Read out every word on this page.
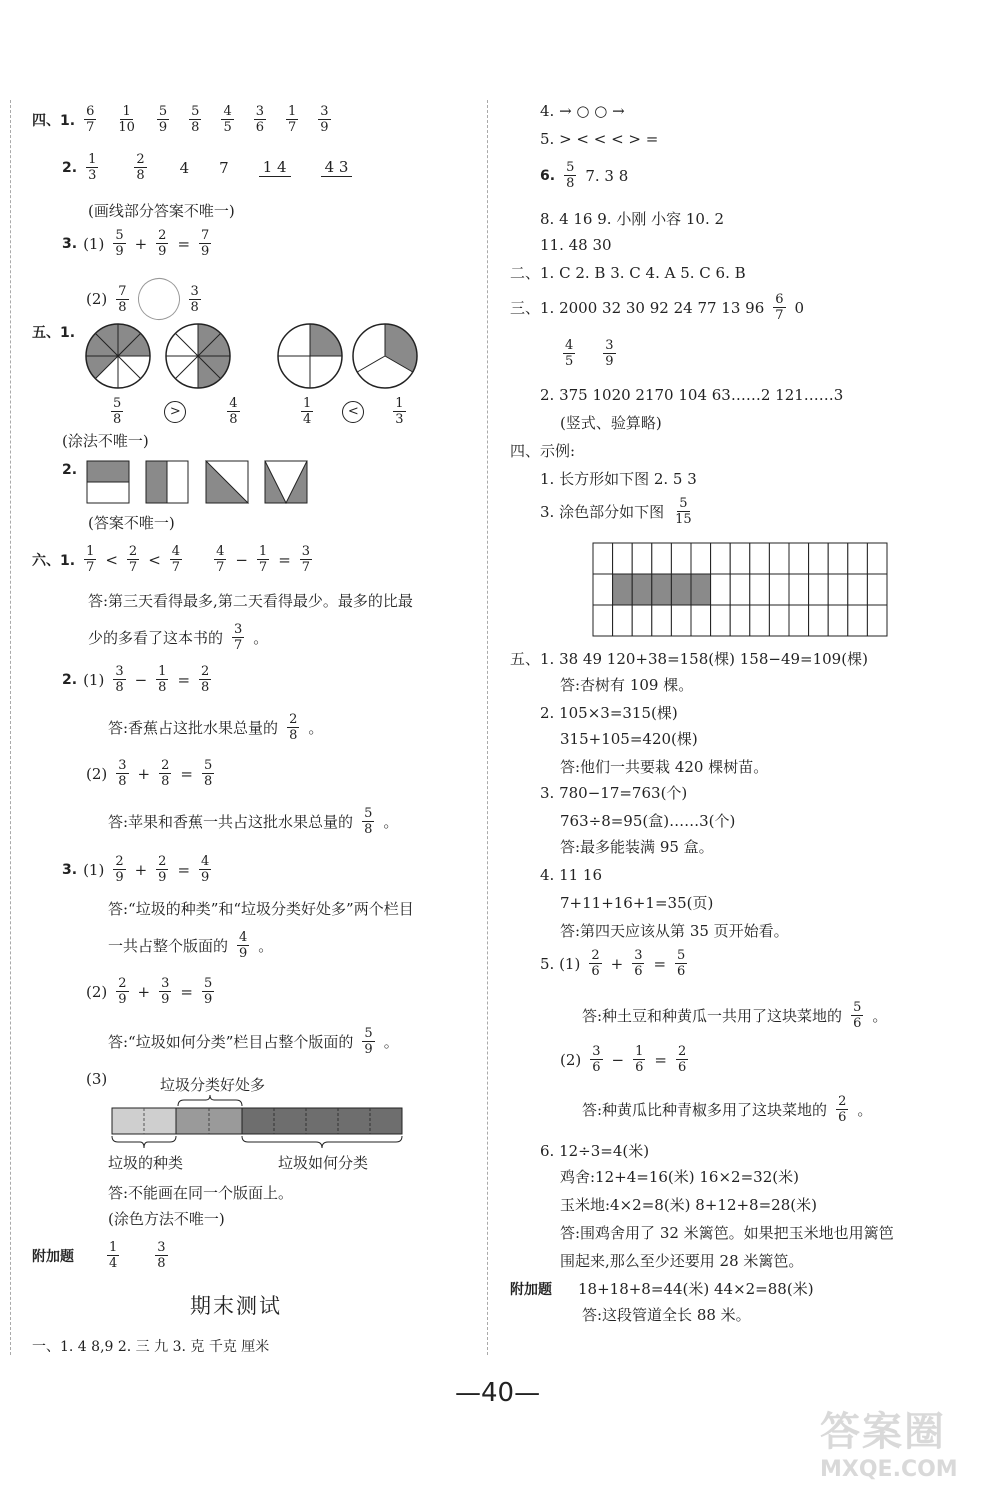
四、1. $\frac{6}{7} \frac{1}{10} \frac{5}{9} \frac{5}{8} \frac{4}{5} \frac{3}{6} \frac{1}{7} \frac{3}{9}$
2. $\frac{1}{3}$	$\frac{2}{8} 4$ 7 1 4	4 3
(画线部分答案不唯一)
3. $(1) \frac{5}{9} + \frac{2}{9} = \frac{7}{9}$
$(2) \frac{7}{8}$	$\frac{3}{8}$
五、1.
$\frac{5}{8}$	>	$\frac{4}{8}$	$\frac{1}{4}$	<	$\frac{1}{3}$
(涂法不唯一)
2.
(答案不唯一)
六、1. $\frac{1}{7} < \frac{2}{7} < \frac{4}{7} \frac{4}{7} - \frac{1}{7} = \frac{3}{7}$
答:第三天看得最多,第二天看得最少。最多的比最
少的多看了这本书的 $\frac{3}{7}$ 。
2. $(1) \frac{3}{8} - \frac{1}{8} = \frac{2}{8}$
答:香蕉占这批水果总量的 $\frac{2}{8}$ 。
$(2) \frac{3}{8} + \frac{2}{8} = \frac{5}{8}$
答:苹果和香蕉一共占这批水果总量的 $\frac{5}{8}$ 。
3. $(1) \frac{2}{9} + \frac{2}{9} = \frac{4}{9}$
答:“垃圾的种类”和“垃圾分类好处多”两个栏目
一共占整个版面的 $\frac{4}{9}$ 。
$(2) \frac{2}{9} + \frac{3}{9} = \frac{5}{9}$
答:“垃圾如何分类”栏目占整个版面的 $\frac{5}{9}$ 。
(3)	垃圾分类好处多
垃圾的种类	垃圾如何分类
答:不能画在同一个版面上。
(涂色方法不唯一)
附加题	$\frac{1}{4}$	$\frac{3}{8}$
期末测试
一、1. 4 8,9 2. 三 九 3. 克 千克 厘米
4. → ○ ○ →
5. > < < < > =
6. $\frac{5}{8} 7$. 3 8
8. 4 16 9. 小刚 小容 10. 2
11. 48 30
二、1. C 2. B 3. C 4. A 5. C 6. B
三、1. 2000 32 30 92 24 77 13 $96 \frac{6}{7} 0$
$\frac{4}{5} \frac{3}{9}$
2. 375 1020 2170 104 63……2 121……3
(竖式、验算略)
四、示例:
1. 长方形如下图 2. 5 3
3. 涂色部分如下图 $\frac{5}{15}$
五、1. 38 49 120+38=158(棵) 158−49=109(棵)
答:杏树有 109 棵。
2. 105×3=315(棵)
315+105=420(棵)
答:他们一共要栽 420 棵树苗。
3. 780−17=763(个)
763÷8=95(盒)……3(个)
答:最多能装满 95 盒。
4. 11 16
7+11+16+1=35(页)
答:第四天应该从第 35 页开始看。
5. $(1) \frac{2}{6} + \frac{3}{6} = \frac{5}{6}$
答:种土豆和种黄瓜一共用了这块菜地的 $\frac{5}{6}$ 。
$(2) \frac{3}{6} - \frac{1}{6} = \frac{2}{6}$
答:种黄瓜比种青椒多用了这块菜地的 $\frac{2}{6}$ 。
6. 12÷3=4(米)
鸡舍:12+4=16(米) 16×2=32(米)
玉米地:4×2=8(米) 8+12+8=28(米)
答:围鸡舍用了 32 米篱笆。如果把玉米地也用篱笆
围起来,那么至少还要用 28 米篱笆。
附加题 18+18+8=44(米) 44×2=88(米)
答:这段管道全长 88 米。
—40—
答案圈
MXQE.COM
